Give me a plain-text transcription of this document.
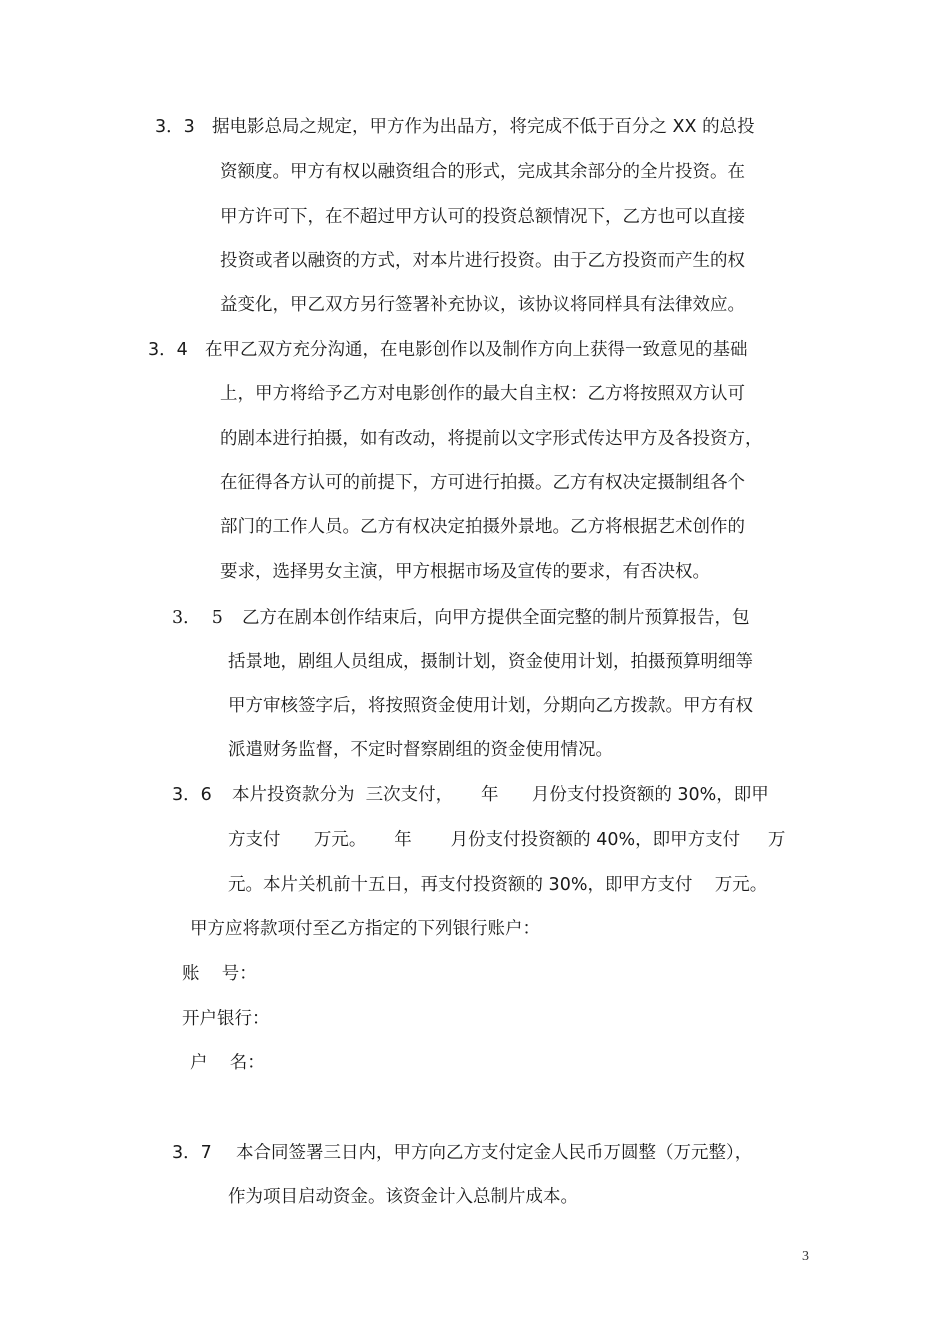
3．3 据电影总局之规定，甲方作为出品方，将完成不低于百分之 XX 的总投
资额度。甲方有权以融资组合的形式，完成其余部分的全片投资。在
甲方许可下，在不超过甲方认可的投资总额情况下，乙方也可以直接
投资或者以融资的方式，对本片进行投资。由于乙方投资而产生的权
益变化，甲乙双方另行签署补充协议，该协议将同样具有法律效应。
3．4 在甲乙双方充分沟通，在电影创作以及制作方向上获得一致意见的基础
上，甲方将给予乙方对电影创作的最大自主权：乙方将按照双方认可
的剧本进行拍摄，如有改动，将提前以文字形式传达甲方及各投资方，
在征得各方认可的前提下，方可进行拍摄。乙方有权决定摄制组各个
部门的工作人员。乙方有权决定拍摄外景地。乙方将根据艺术创作的
要求，选择男女主演，甲方根据市场及宣传的要求，有否决权。
3．  5 乙方在剧本创作结束后，向甲方提供全面完整的制片预算报告，包
括景地，剧组人员组成，摄制计划，资金使用计划，拍摄预算明细等
甲方审核签字后，将按照资金使用计划，分期向乙方拨款。甲方有权
派遣财务监督，不定时督察剧组的资金使用情况。
3．6 本片投资款分为  三次支付，     年      月份支付投资额的 30%，即甲
方支付      万元。     年       月份支付投资额的 40%，即甲方支付     万
元。本片关机前十五日，再支付投资额的 30%，即甲方支付    万元。
甲方应将款项付至乙方指定的下列银行账户：
账    号：
开户银行：
户    名：
3．7 本合同签署三日内，甲方向乙方支付定金人民币万圆整（万元整），
作为项目启动资金。该资金计入总制片成本。
3
